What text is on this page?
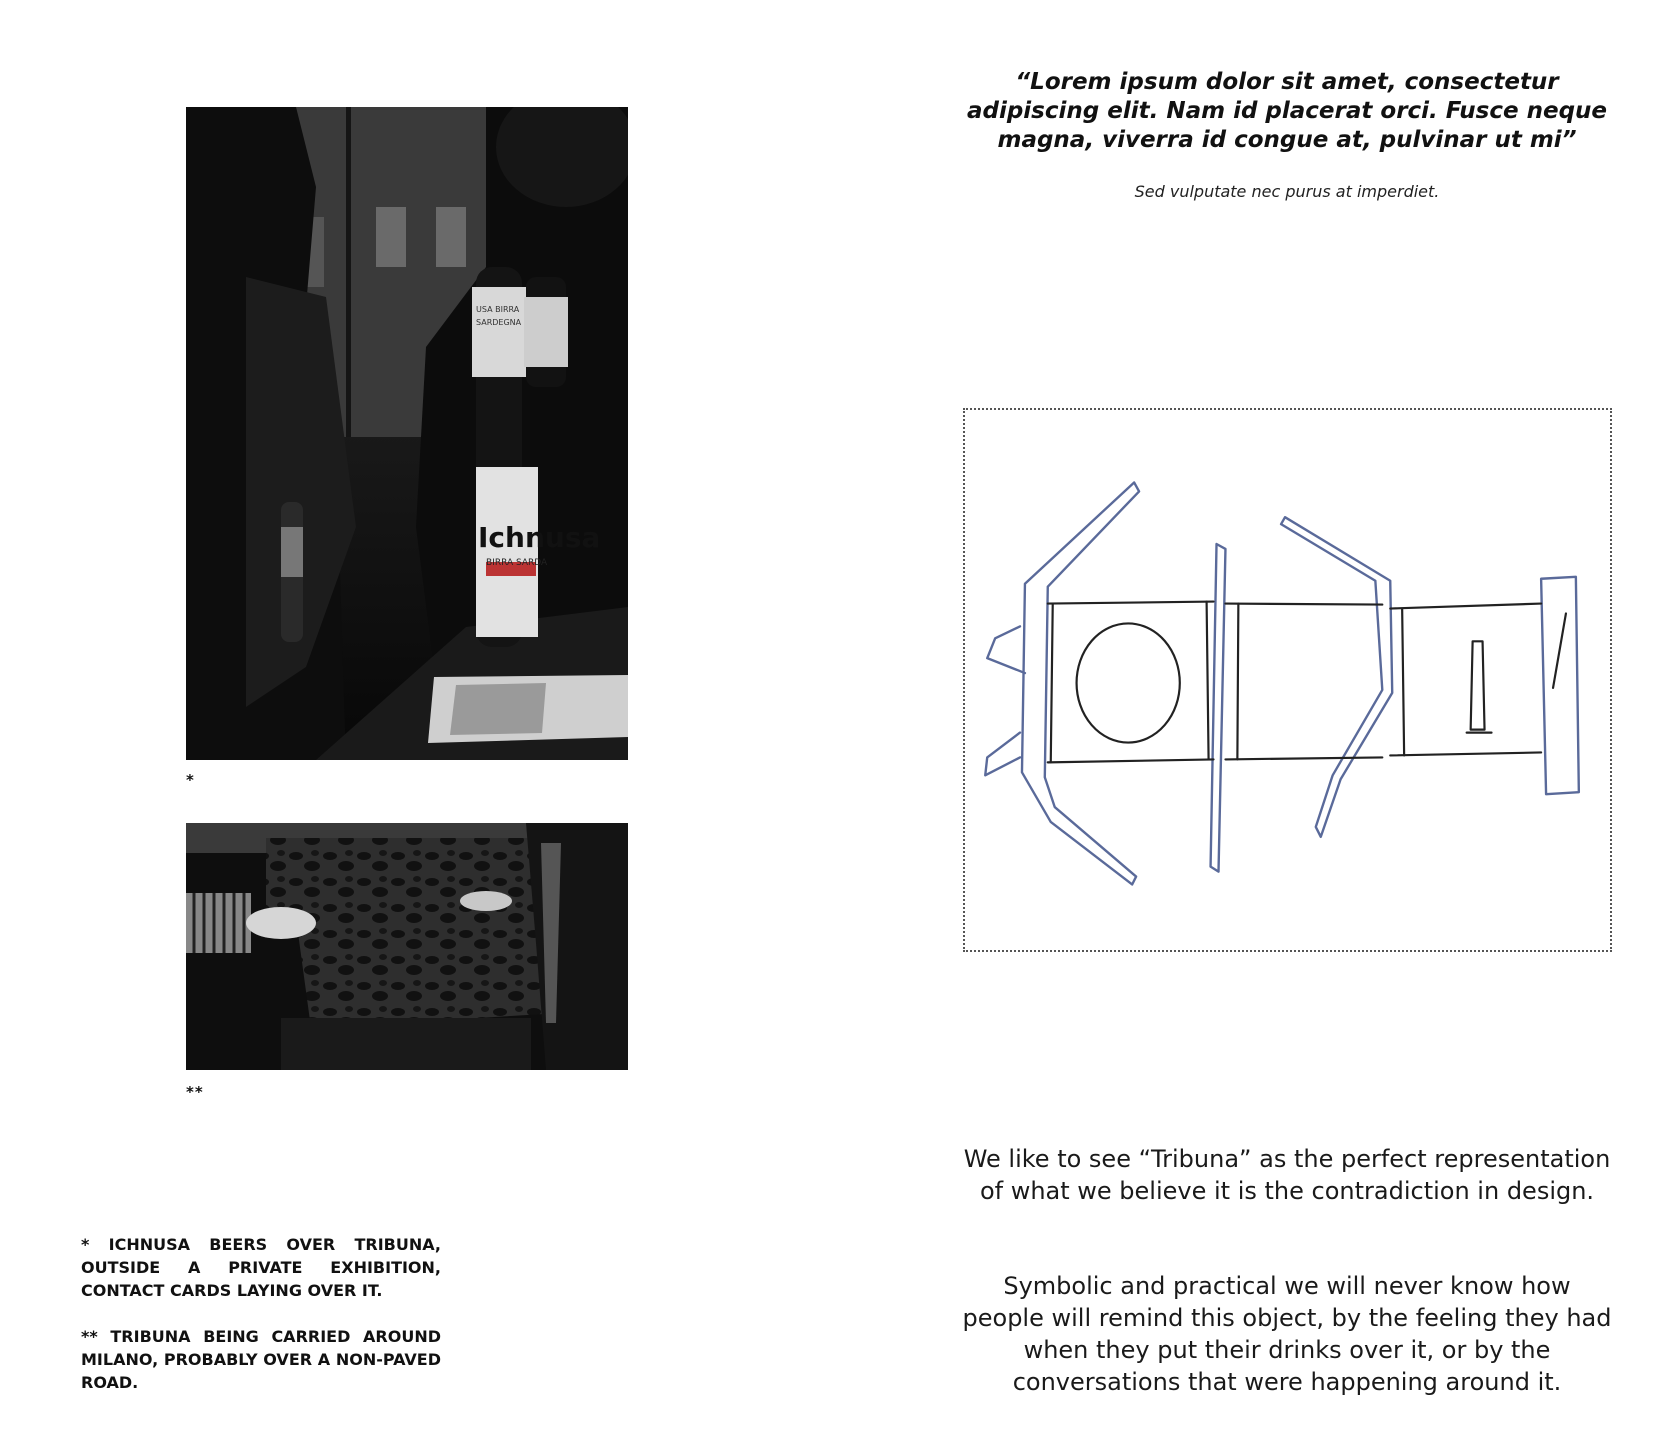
Ichnusa
BIRRA SARDA
USA BIRRA
SARDEGNA
*
**

* ICHNUSA BEERS OVER TRIBUNA, OUTSIDE A PRIVATE EXHIBITION, CONTACT CARDS LAYING OVER IT.

** TRIBUNA BEING CARRIED AROUND MILANO, PROBABLY OVER A NON-PAVED ROAD.

“Lorem ipsum dolor sit amet, consectetur adipiscing elit. Nam id placerat orci. Fusce neque magna, viverra id congue at, pulvinar ut mi”

Sed vulputate nec purus at imperdiet.

We like to see “Tribuna” as the perfect representation of what we believe it is the contradiction in design.

Symbolic and practical we will never know how people will remind this object, by the feeling they had when they put their drinks over it, or by the conversations that were happening around it.
